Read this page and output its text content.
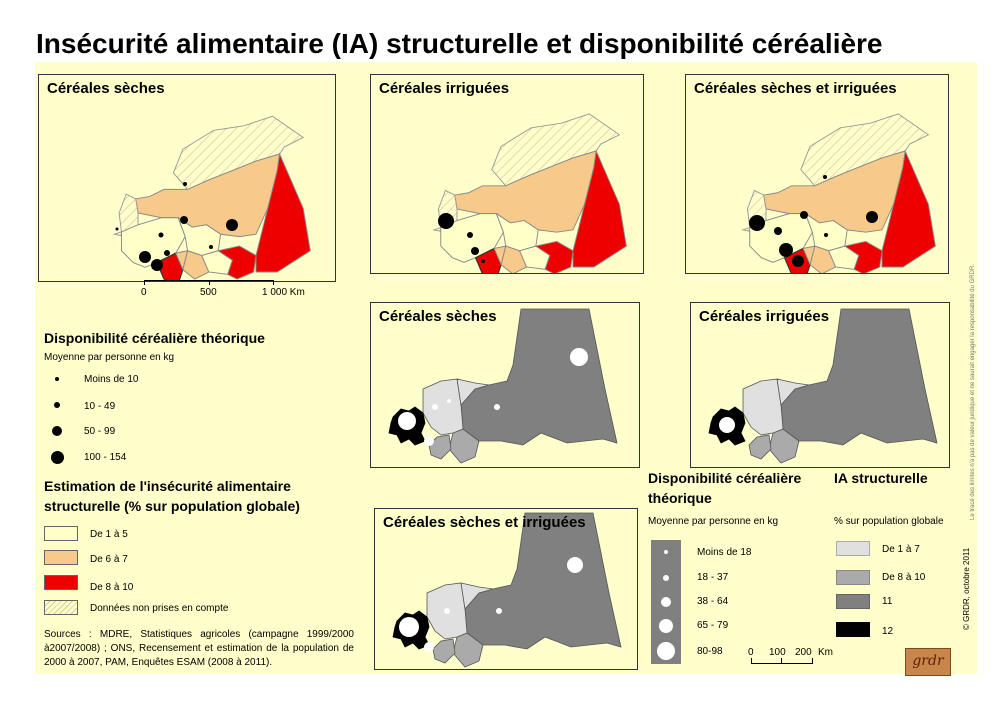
Insécurité alimentaire (IA) structurelle et disponibilité céréalière
Céréales sèches	Céréales irriguées	Céréales sèches et irriguées
0	500	1 000 Km
Disponibilité céréalière théorique
Moyenne par personne en kg
Moins de 10
10 - 49
50 - 99
100 - 154
Estimation de l'insécurité alimentaire
structurelle (% sur population globale)
De 1 à 5
De 6 à 7
De 8 à 10
Données non prises en compte
Sources : MDRE, Statistiques agricoles (campagne 1999/2000 à2007/2008) ; ONS, Recensement et estimation de la population de 2000 à 2007, PAM, Enquêtes ESAM (2008 à 2011).
Céréales sèches	Céréales irriguées
Céréales sèches et irriguées
Disponibilité céréalière
théorique
Moyenne par personne en kg
Moins de 18
18 - 37
38 - 64
65 - 79
80-98	0 100 200 Km
IA structurelle
% sur population globale
De 1 à 7
De 8 à 10
11
12
grdr
